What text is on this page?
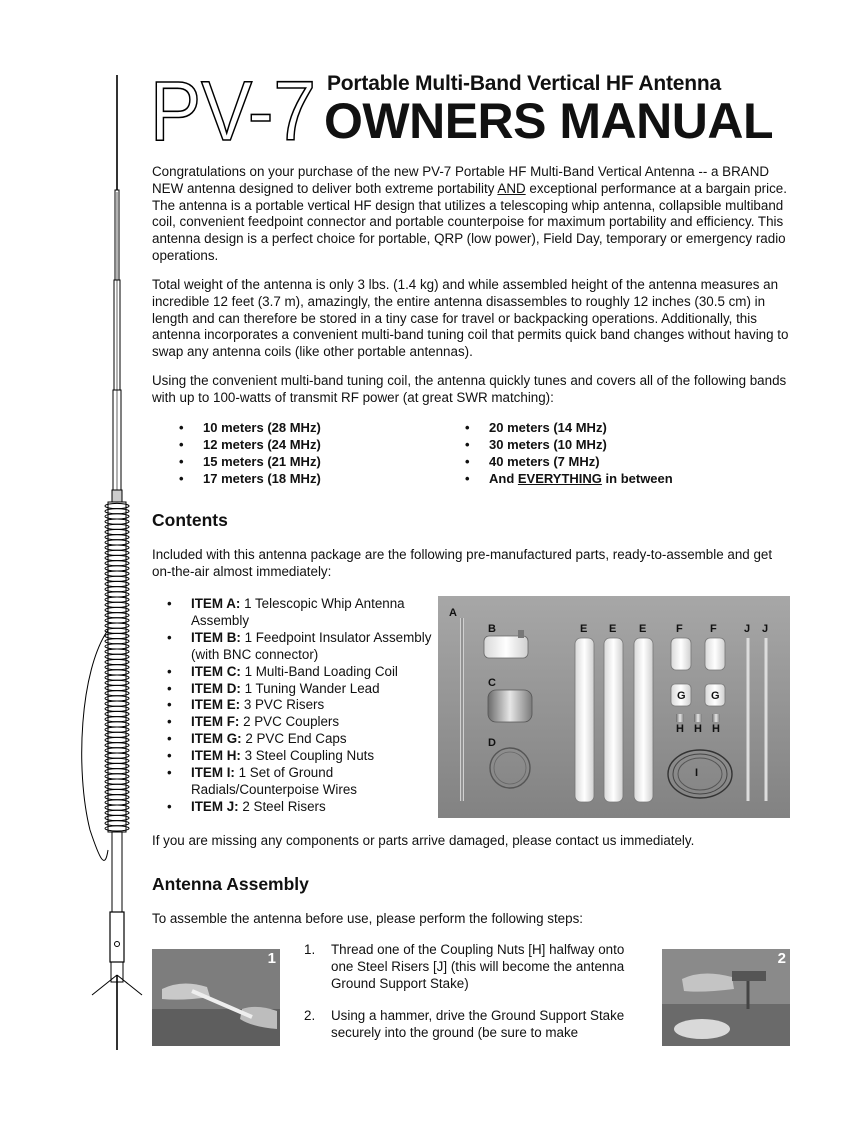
PV-7 Portable Multi-Band Vertical HF Antenna
OWNERS MANUAL

Congratulations on your purchase of the new PV-7 Portable HF Multi-Band Vertical Antenna -- a BRAND NEW antenna designed to deliver both extreme portability AND exceptional performance at a bargain price. The antenna is a portable vertical HF design that utilizes a telescoping whip antenna, collapsible multiband coil, convenient feedpoint connector and portable counterpoise for maximum portability and efficiency. This antenna design is a perfect choice for portable, QRP (low power), Field Day, temporary or emergency radio operations.

Total weight of the antenna is only 3 lbs. (1.4 kg) and while assembled height of the antenna measures an incredible 12 feet (3.7 m), amazingly, the entire antenna disassembles to roughly 12 inches (30.5 cm) in length and can therefore be stored in a tiny case for travel or backpacking operations. Additionally, this antenna incorporates a convenient multi-band tuning coil that permits quick band changes without having to swap any antenna coils (like other portable antennas).

Using the convenient multi-band tuning coil, the antenna quickly tunes and covers all of the following bands with up to 100-watts of transmit RF power (at great SWR matching):

• 10 meters (28 MHz)
• 12 meters (24 MHz)
• 15 meters (21 MHz)
• 17 meters (18 MHz)
• 20 meters (14 MHz)
• 30 meters (10 MHz)
• 40 meters (7 MHz)
• And EVERYTHING in between
Contents

Included with this antenna package are the following pre-manufactured parts, ready-to-assemble and get on-the-air almost immediately:

• ITEM A: 1 Telescopic Whip Antenna Assembly
• ITEM B: 1 Feedpoint Insulator Assembly (with BNC connector)
• ITEM C: 1 Multi-Band Loading Coil
• ITEM D: 1 Tuning Wander Lead
• ITEM E: 3 PVC Risers
• ITEM F: 2 PVC Couplers
• ITEM G: 2 PVC End Caps
• ITEM H: 3 Steel Coupling Nuts
• ITEM I: 1 Set of Ground Radials/Counterpoise Wires
• ITEM J: 2 Steel Risers
A
B
C
D
E E E	F F
G G
H H H
I
J J

If you are missing any components or parts arrive damaged, please contact us immediately.

Antenna Assembly

To assemble the antenna before use, please perform the following steps:

1
1. Thread one of the Coupling Nuts [H] halfway onto one Steel Risers [J] (this will become the antenna Ground Support Stake)
2. Using a hammer, drive the Ground Support Stake securely into the ground (be sure to make
2
